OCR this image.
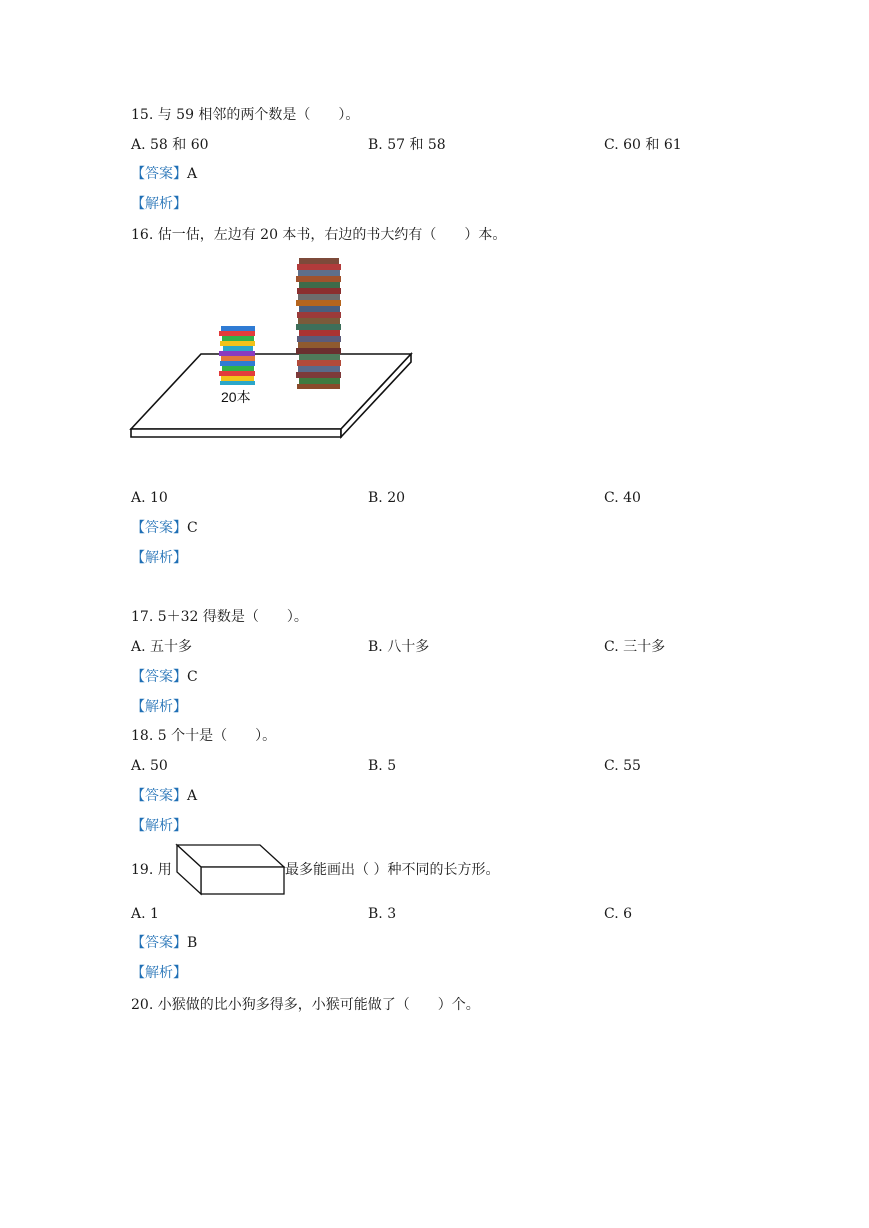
15. 与 59 相邻的两个数是（　　）。
A. 58 和 60	B. 57 和 58	C. 60 和 61
【答案】A
【解析】
16. 估一估，左边有 20 本书，右边的书大约有（　　）本。
20本
A. 10	B. 20	C. 40
【答案】C
【解析】
17. 5＋32 得数是（　　）。
A. 五十多	B. 八十多	C. 三十多
【答案】C
【解析】
18. 5 个十是（　　）。
A. 50	B. 5	C. 55
【答案】A
【解析】
19. 用	最多能画出（ ）种不同的长方形。
A. 1	B. 3	C. 6
【答案】B
【解析】
20. 小猴做的比小狗多得多，小猴可能做了（　　）个。
